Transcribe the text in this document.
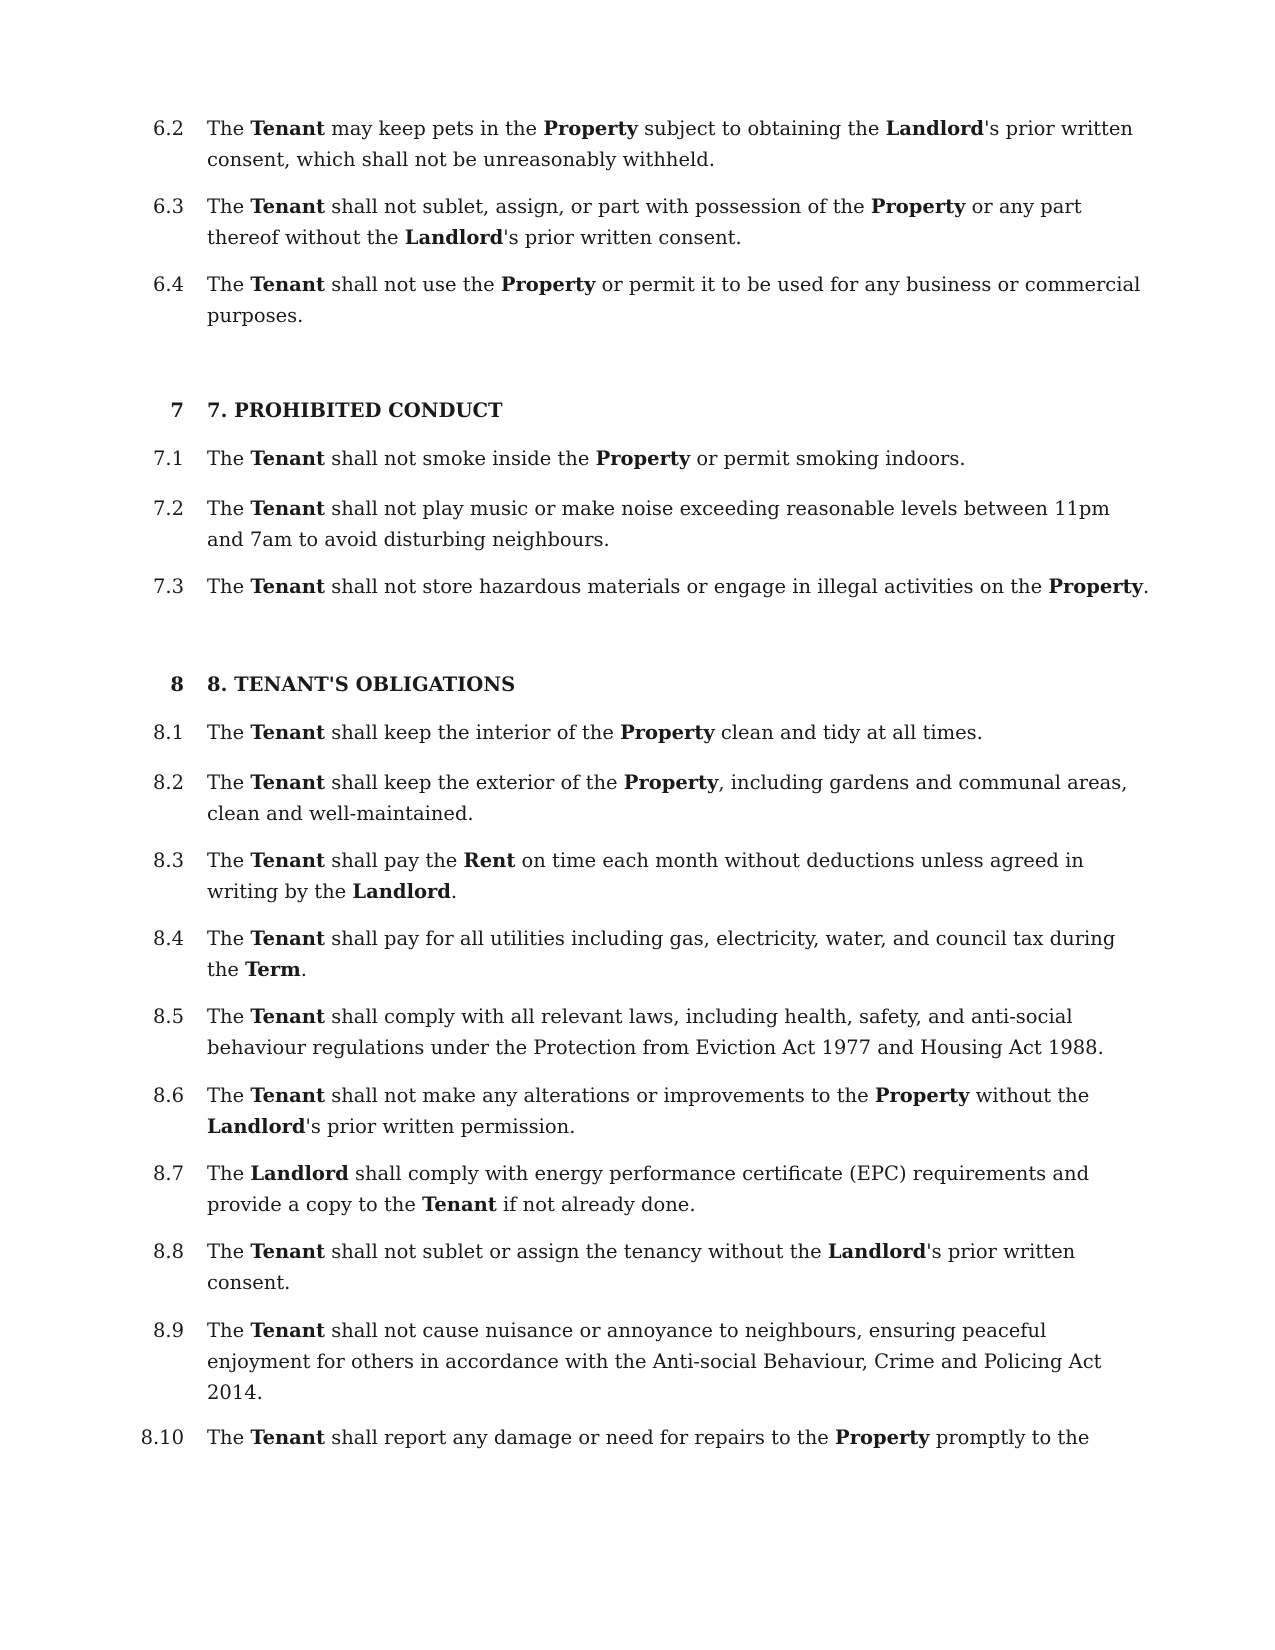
6.2 The Tenant may keep pets in the Property subject to obtaining the Landlord's prior written
consent, which shall not be unreasonably withheld.
6.3 The Tenant shall not sublet, assign, or part with possession of the Property or any part
thereof without the Landlord's prior written consent.
6.4 The Tenant shall not use the Property or permit it to be used for any business or commercial
purposes.
7 7. PROHIBITED CONDUCT
7.1 The Tenant shall not smoke inside the Property or permit smoking indoors.
7.2 The Tenant shall not play music or make noise exceeding reasonable levels between 11pm
and 7am to avoid disturbing neighbours.
7.3 The Tenant shall not store hazardous materials or engage in illegal activities on the Property.
8 8. TENANT'S OBLIGATIONS
8.1 The Tenant shall keep the interior of the Property clean and tidy at all times.
8.2 The Tenant shall keep the exterior of the Property, including gardens and communal areas,
clean and well-maintained.
8.3 The Tenant shall pay the Rent on time each month without deductions unless agreed in
writing by the Landlord.
8.4 The Tenant shall pay for all utilities including gas, electricity, water, and council tax during
the Term.
8.5 The Tenant shall comply with all relevant laws, including health, safety, and anti-social
behaviour regulations under the Protection from Eviction Act 1977 and Housing Act 1988.
8.6 The Tenant shall not make any alterations or improvements to the Property without the
Landlord's prior written permission.
8.7 The Landlord shall comply with energy performance certificate (EPC) requirements and
provide a copy to the Tenant if not already done.
8.8 The Tenant shall not sublet or assign the tenancy without the Landlord's prior written
consent.
8.9 The Tenant shall not cause nuisance or annoyance to neighbours, ensuring peaceful
enjoyment for others in accordance with the Anti-social Behaviour, Crime and Policing Act
2014.
8.10 The Tenant shall report any damage or need for repairs to the Property promptly to the
